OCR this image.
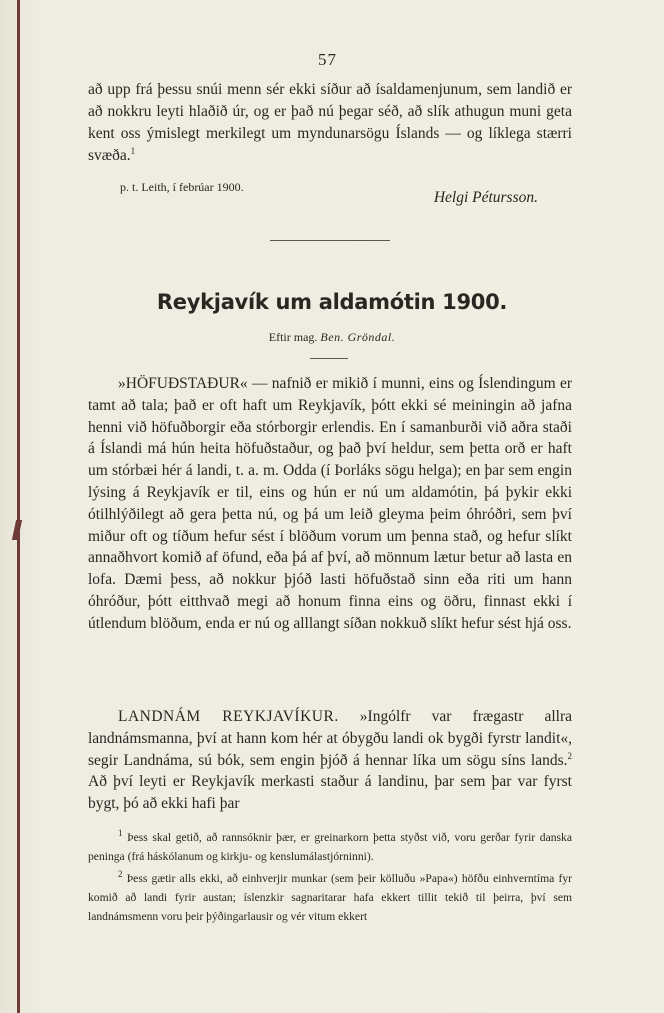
57

að upp frá þessu snúi menn sér ekki síður að ísaldamenjunum, sem landið er að nokkru leyti hlaðið úr, og er það nú þegar séð, að slík athugun muni geta kent oss ýmislegt merkilegt um myndunarsögu Íslands — og líklega stærri svæða.$^1$

p. t. Leith, í febrúar 1900.
Helgi Pétursson.
Reykjavík um aldamótin 1900.
Eftir mag. Ben. Gröndal.

»HÖFUÐSTAÐUR« — nafnið er mikið í munni, eins og Íslendingum er tamt að tala; það er oft haft um Reykjavík, þótt ekki sé meiningin að jafna henni við höfuðborgir eða stórborgir erlendis. En í samanburði við aðra staði á Íslandi má hún heita höfuðstaður, og það því heldur, sem þetta orð er haft um stórbæi hér á landi, t. a. m. Odda (í Þorláks sögu helga); en þar sem engin lýsing á Reykjavík er til, eins og hún er nú um aldamótin, þá þykir ekki ótilhlýðilegt að gera þetta nú, og þá um leið gleyma þeim óhróðri, sem því miður oft og tíðum hefur sést í blöðum vorum um þenna stað, og hefur slíkt annaðhvort komið af öfund, eða þá af því, að mönnum lætur betur að lasta en lofa. Dæmi þess, að nokkur þjóð lasti höfuðstað sinn eða riti um hann óhróður, þótt eitthvað megi að honum finna eins og öðru, finnast ekki í útlendum blöðum, enda er nú og alllangt síðan nokkuð slíkt hefur sést hjá oss.

LANDNÁM REYKJAVÍKUR. »Ingólfr var frægastr allra landnámsmanna, því at hann kom hér at óbygðu landi ok bygði fyrstr landit«, segir Landnáma, sú bók, sem engin þjóð á hennar líka um sögu síns lands.$^2$ Að því leyti er Reykjavík merkasti staður á landinu, þar sem þar var fyrst bygt, þó að ekki hafi þar

$^1$ Þess skal getið, að rannsóknir þær, er greinarkorn þetta styðst við, voru gerðar fyrir danska peninga (frá háskólanum og kirkju- og kenslumálastjórninni).

$^2$ Þess gætir alls ekki, að einhverjir munkar (sem þeir kölluðu »Papa«) höfðu einhverntíma fyr komið að landi fyrir austan; íslenzkir sagnaritarar hafa ekkert tillit tekið til þeirra, því sem landnámsmenn voru þeir þýðingarlausir og vér vitum ekkert
